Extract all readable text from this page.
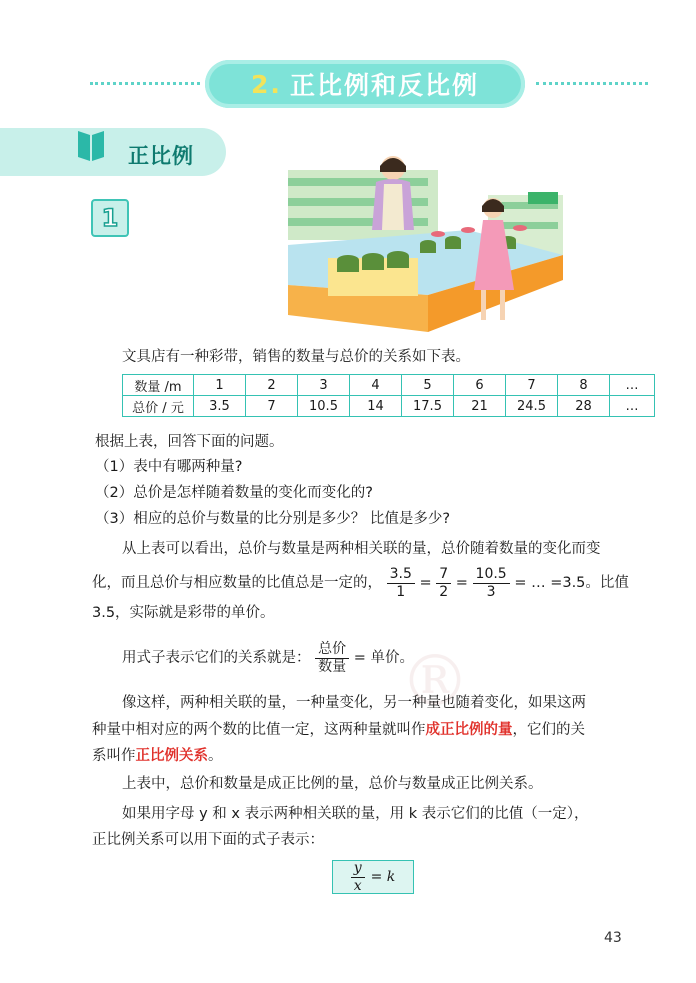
2. 正比例和反比例
正比例
1
文具店有一种彩带，销售的数量与总价的关系如下表。
数量 /m	1	2	3	4	5	6	7	8	…
总价 / 元	3.5	7	10.5	14	17.5	21	24.5	28	…
根据上表，回答下面的问题。
（1）表中有哪两种量?
（2）总价是怎样随着数量的变化而变化的?
（3）相应的总价与数量的比分别是多少？ 比值是多少?
从上表可以看出，总价与数量是两种相关联的量，总价随着数量的变化而变
化，而且总价与相应数量的比值总是一定的， $\frac{3.5}{1} = \frac{7}{2} = \frac{10.5}{3}$ = … =3.5。比值
3.5，实际就是彩带的单价。
用式子表示它们的关系就是： $\frac{\text{总价}}{\text{数量}}$ = 单价。
®
像这样，两种相关联的量，一种量变化，另一种量也随着变化，如果这两
种量中相对应的两个数的比值一定，这两种量就叫作成正比例的量，它们的关
系叫作正比例关系。
上表中，总价和数量是成正比例的量，总价与数量成正比例关系。
如果用字母 y 和 x 表示两种相关联的量，用 k 表示它们的比值（一定），
正比例关系可以用下面的式子表示：
$\frac{y}{x} = k$
43
